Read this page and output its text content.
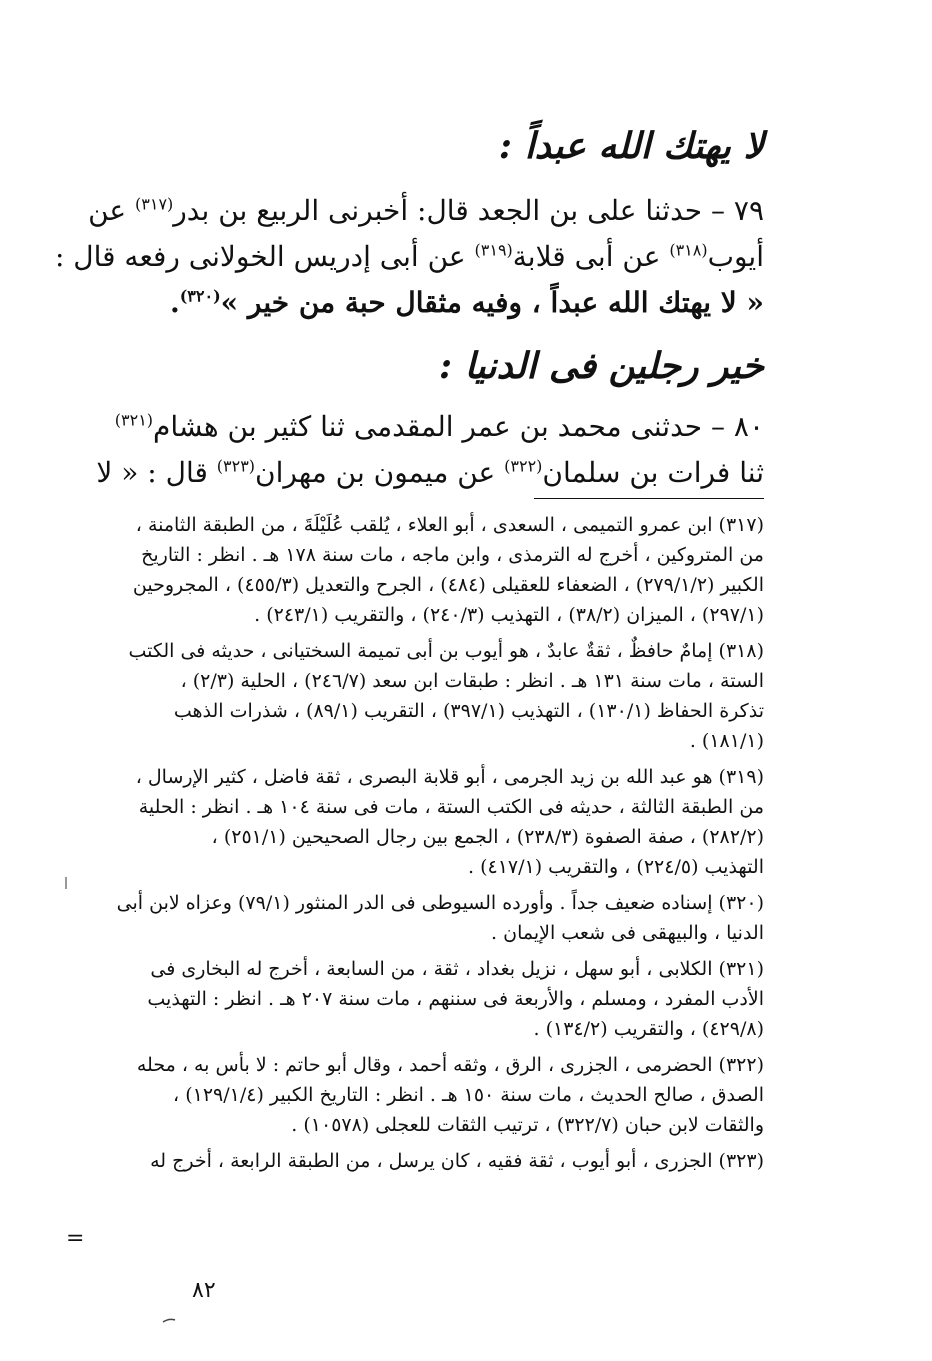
لا يهتك الله عبداً :
٧٩ – حدثنا على بن الجعد قال: أخبرنى الربيع بن بدر$^{(٣١٧)}$ عن
أيوب$^{(٣١٨)}$ عن أبى قلابة$^{(٣١٩)}$ عن أبى إدريس الخولانى رفعه قال :
« لا يهتك الله عبداً ، وفيه مثقال حبة من خير »$^{(٣٢٠)}$.
خير رجلين فى الدنيا :
٨٠ – حدثنى محمد بن عمر المقدمى ثنا كثير بن هشام$^{(٣٢١)}$
ثنا فرات بن سلمان$^{(٣٢٢)}$ عن ميمون بن مهران$^{(٣٢٣)}$ قال : « لا
(٣١٧) ابن عمرو التميمى ، السعدى ، أبو العلاء ، يُلقب عُلَيْلَةَ ، من الطبقة الثامنة ،
من المتروكين ، أخرج له الترمذى ، وابن ماجه ، مات سنة ١٧٨ هـ . انظر : التاريخ
الكبير (٢٧٩/١/٢) ، الضعفاء للعقيلى (٤٨٤) ، الجرح والتعديل (٤٥٥/٣) ، المجروحين
(٢٩٧/١) ، الميزان (٣٨/٢) ، التهذيب (٢٤٠/٣) ، والتقريب (٢٤٣/١) .
(٣١٨) إمامٌ حافظٌ ، ثقةٌ عابدٌ ، هو أيوب بن أبى تميمة السختيانى ، حديثه فى الكتب
الستة ، مات سنة ١٣١ هـ . انظر : طبقات ابن سعد (٢٤٦/٧) ، الحلية (٢/٣) ،
تذكرة الحفاظ (١٣٠/١) ، التهذيب (٣٩٧/١) ، التقريب (٨٩/١) ، شذرات الذهب
(١٨١/١) .
(٣١٩) هو عبد الله بن زيد الجرمى ، أبو قلابة البصرى ، ثقة فاضل ، كثير الإرسال ،
من الطبقة الثالثة ، حديثه فى الكتب الستة ، مات فى سنة ١٠٤ هـ . انظر : الحلية
(٢٨٢/٢) ، صفة الصفوة (٢٣٨/٣) ، الجمع بين رجال الصحيحين (٢٥١/١) ،
التهذيب (٢٢٤/٥) ، والتقريب (٤١٧/١) .
(٣٢٠) إسناده ضعيف جداً . وأورده السيوطى فى الدر المنثور (٧٩/١) وعزاه لابن أبى
الدنيا ، والبيهقى فى شعب الإيمان .
(٣٢١) الكلابى ، أبو سهل ، نزيل بغداد ، ثقة ، من السابعة ، أخرج له البخارى فى
الأدب المفرد ، ومسلم ، والأربعة فى سننهم ، مات سنة ٢٠٧ هـ . انظر : التهذيب
(٤٢٩/٨) ، والتقريب (١٣٤/٢) .
(٣٢٢) الحضرمى ، الجزرى ، الرق ، وثقه أحمد ، وقال أبو حاتم : لا بأس به ، محله
الصدق ، صالح الحديث ، مات سنة ١٥٠ هـ . انظر : التاريخ الكبير (١٢٩/١/٤) ،
والثقات لابن حبان (٣٢٢/٧) ، ترتيب الثقات للعجلى (١٠٥٧٨) .
(٣٢٣) الجزرى ، أبو أيوب ، ثقة فقيه ، كان يرسل ، من الطبقة الرابعة ، أخرج له
=
٨٢
